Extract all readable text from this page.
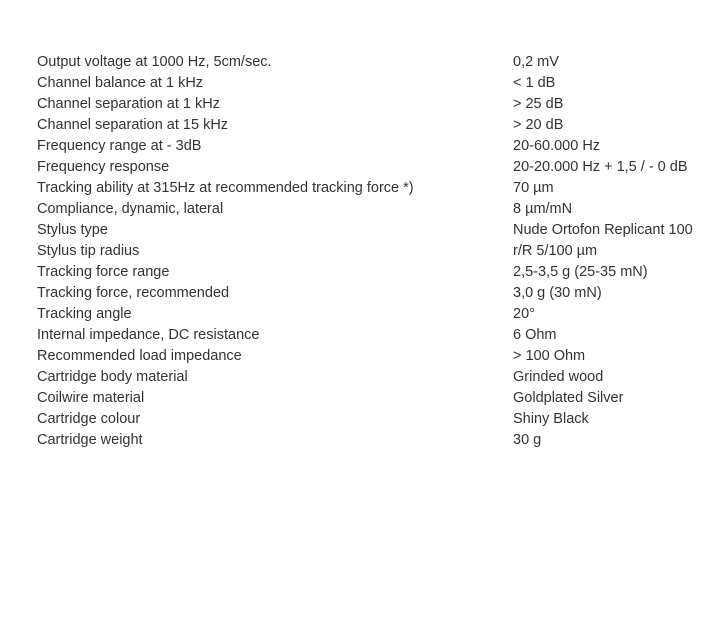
Output voltage at 1000 Hz, 5cm/sec.	0,2 mV
Channel balance at 1 kHz	< 1 dB
Channel separation at 1 kHz	> 25 dB
Channel separation at 15 kHz	> 20 dB
Frequency range at - 3dB	20-60.000 Hz
Frequency response	20-20.000 Hz + 1,5 / - 0 dB
Tracking ability at 315Hz at recommended tracking force *)	70 µm
Compliance, dynamic, lateral	8 µm/mN
Stylus type	Nude Ortofon Replicant 100
Stylus tip radius	r/R 5/100 µm
Tracking force range	2,5-3,5 g (25-35 mN)
Tracking force, recommended	3,0 g (30 mN)
Tracking angle	20°
Internal impedance, DC resistance	6 Ohm
Recommended load impedance	> 100 Ohm
Cartridge body material	Grinded wood
Coilwire material	Goldplated Silver
Cartridge colour	Shiny Black
Cartridge weight	30 g
